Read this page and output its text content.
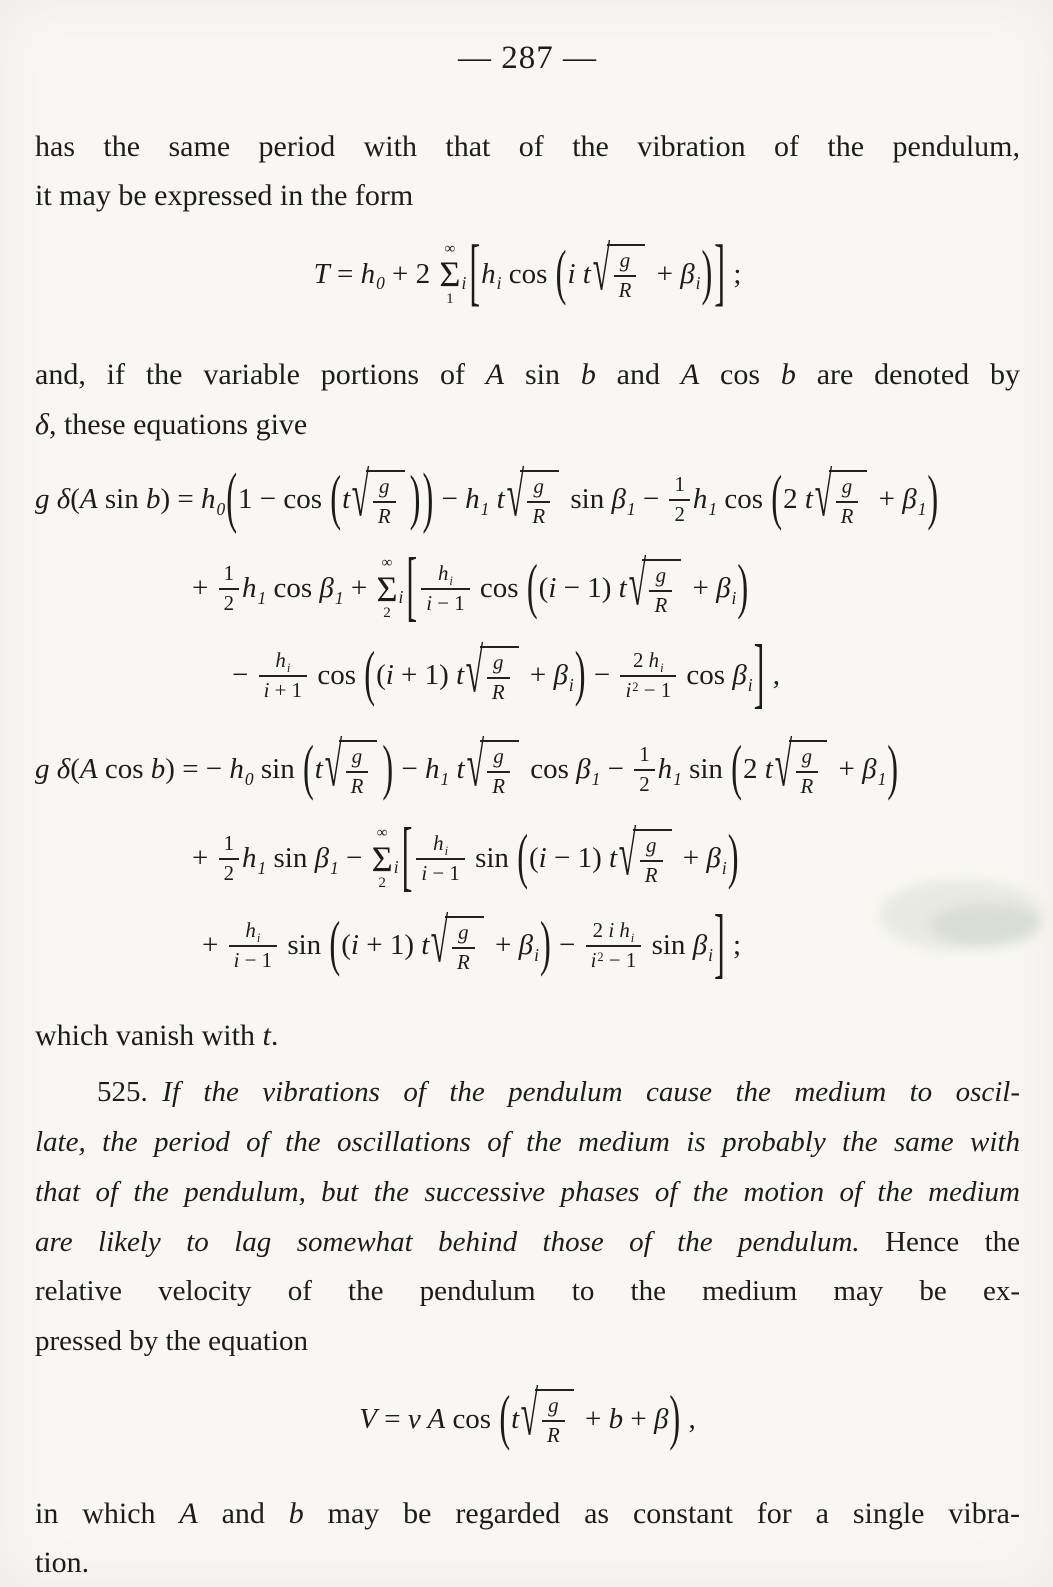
— 287 —
has the same period with that of the vibration of the pendulum,
it may be expressed in the form
T = h 0 + 2
∞
Σ
1
i [ h i cos ( i t √ $\frac{g}{R} + \beta$ i ) ] ;
and, if the variable portions of A sin b and A cos b are denoted by
δ, these equations give
g δ ( A sin b ) = h 0 ( 1 − cos ( t √ $\frac{g}{R}$ ) ) − h 1 t √ $\frac{g}{R}$ sin β $1 - \frac{1}{2}$ h 1 cos ( 2 t √ $\frac{g}{R} + \beta$ 1 )
+ $\frac{1}{2}$ h 1 cos β 1 +
∞
Σ
2
i [ $\frac{h_i}{i - 1}$ cos ( ( i − 1) t √ $\frac{g}{R} + \beta$ i )
− $\frac{h_i}{i + 1}$ cos ( ( i + 1) t √ $\frac{g}{R} + \beta$ i ) − $\frac{2 h_i}{i^2 - 1}$ cos β i ] ,
g δ ( A cos b ) = − h 0 sin ( t √ $\frac{g}{R}$ ) − h 1 t √ $\frac{g}{R}$ cos β $1 - \frac{1}{2}$ h 1 sin ( 2 t √ $\frac{g}{R} + \beta$ 1 )
+ $\frac{1}{2}$ h 1 sin β 1 −
∞
Σ
2
i [ $\frac{h_i}{i - 1}$ sin ( ( i − 1) t √ $\frac{g}{R} + \beta$ i )
+ $\frac{h_i}{i - 1}$ sin ( ( i + 1) t √ $\frac{g}{R} + \beta$ i ) − $\frac{2 i h_i}{i^2 - 1}$ sin β i ] ;
which vanish with t.
525. If the vibrations of the pendulum cause the medium to oscil-
late, the period of the oscillations of the medium is probably the same with
that of the pendulum, but the successive phases of the motion of the medium
are likely to lag somewhat behind those of the pendulum. Hence the
relative velocity of the pendulum to the medium may be ex-
pressed by the equation
V = v A cos ( t √ $\frac{g}{R} + b + \beta$ ) ,
in which A and b may be regarded as constant for a single vibra-
tion.
